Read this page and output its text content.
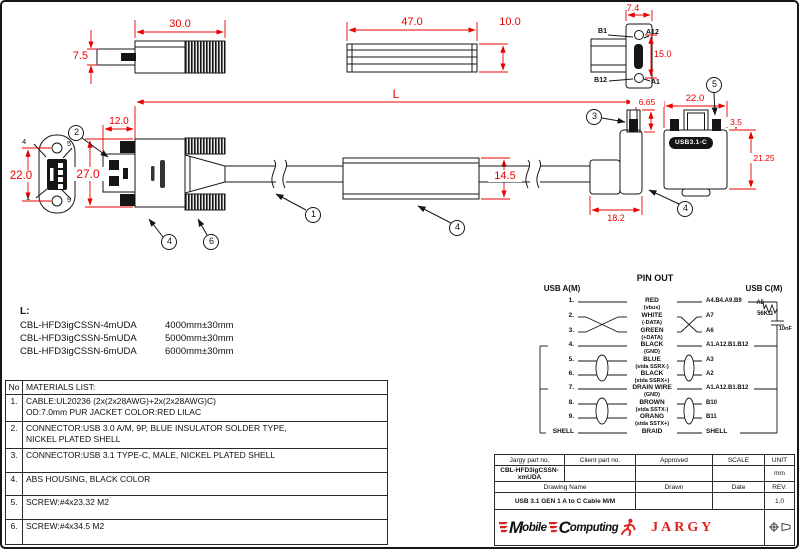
30.0
7.5
47.0	10.0
7.4
15.0
L
12.0
22.0	27.0	14.5
6.65
18.2
22.0
3.5
21.25
B1	A12
B12	A1
4	5
1	9
USB3.1-C
2
1
4	6
4
3
4
5
L:
CBL-HFD3igCSSN-4mUDA	4000mm±30mm
CBL-HFD3igCSSN-5mUDA	5000mm±30mm
CBL-HFD3igCSSN-6mUDA	6000mm±30mm
PIN OUT
USB A(M)	USB C(M)
1.	RED
(vbus)
A4.B4.A9.B9
2.	WHITE
(-DATA)
A7
3.	GREEN
(+DATA)
A6
4.	BLACK
(GND)
A1.A12.B1.B12
5.	BLUE
(stda SSRX-)
A3
6.	BLACK
(stda SSRX+)
A2
7.	DRAIN WIRE
(GND)
A1.A12.B1.B12
8.	BROWN
(stda SSTX-)
B10
9.	ORANG
(stda SSTX+)
B11
SHELL	BRAID	SHELL
A5
56KΩ
10nF
No	MATERIALS LIST:
1.	CABLE:UL20236 (2x(2x28AWG)+2x(2x28AWG)C)
OD:7.0mm PUR JACKET COLOR:RED LILAC

2.	CONNECTOR:USB 3.0 A/M, 9P, BLUE INSULATOR SOLDER TYPE,
NICKEL PLATED SHELL

3.	CONNECTOR:USB 3.1 TYPE-C, MALE, NICKEL PLATED SHELL

4.	ABS HOUSING, BLACK COLOR

5.	SCREW:#4x23.32 M2

6.	SCREW:#4x34.5 M2
Jargy part no.	Client part no.	Approved	SCALE	UNIT
CBL-HFD3igCSSN-xmUDA				mm
Drawing Name		Drawn	Date	REV.
USB 3.1 GEN 1 A to C Cable M/M				1.0

M obile C omputing JARGY
